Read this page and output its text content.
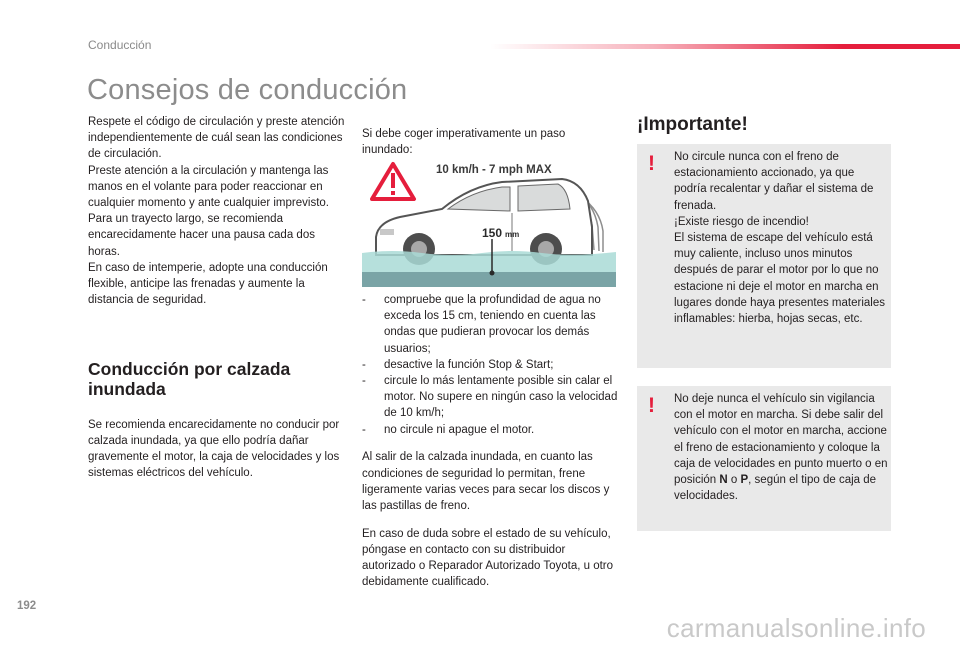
Conducción
Consejos de conducción

Respete el código de circulación y preste atención independientemente de cuál sean las condiciones de circulación.

Preste atención a la circulación y mantenga las manos en el volante para poder reaccionar en cualquier momento y ante cualquier imprevisto. Para un trayecto largo, se recomienda encarecidamente hacer una pausa cada dos horas.

En caso de intemperie, adopte una conducción flexible, anticipe las frenadas y aumente la distancia de seguridad.

Conducción por calzada
inundada

Se recomienda encarecidamente no conducir por calzada inundada, ya que ello podría dañar gravemente el motor, la caja de velocidades y los sistemas eléctricos del vehículo.

Si debe coger imperativamente un paso inundado:

10 km/h - 7 mph MAX
150 mm
-	compruebe que la profundidad de agua no exceda los 15 cm, teniendo en cuenta las ondas que pudieran provocar los demás usuarios;
-	desactive la función Stop & Start;
-	circule lo más lentamente posible sin calar el motor. No supere en ningún caso la velocidad de 10 km/h;
-	no circule ni apague el motor.

Al salir de la calzada inundada, en cuanto las condiciones de seguridad lo permitan, frene ligeramente varias veces para secar los discos y las pastillas de freno.

En caso de duda sobre el estado de su vehículo, póngase en contacto con su distribuidor autorizado o Reparador Autorizado Toyota, u otro debidamente cualificado.

¡Importante!
! No circule nunca con el freno de estacionamiento accionado, ya que podría recalentar y dañar el sistema de frenada.
¡Existe riesgo de incendio!
El sistema de escape del vehículo está muy caliente, incluso unos minutos después de parar el motor por lo que no estacione ni deje el motor en marcha en lugares donde haya presentes materiales inflamables: hierba, hojas secas, etc.
! No deje nunca el vehículo sin vigilancia con el motor en marcha. Si debe salir del vehículo con el motor en marcha, accione el freno de estacionamiento y coloque la caja de velocidades en punto muerto o en posición N o P, según el tipo de caja de velocidades.
192
carmanualsonline.info
